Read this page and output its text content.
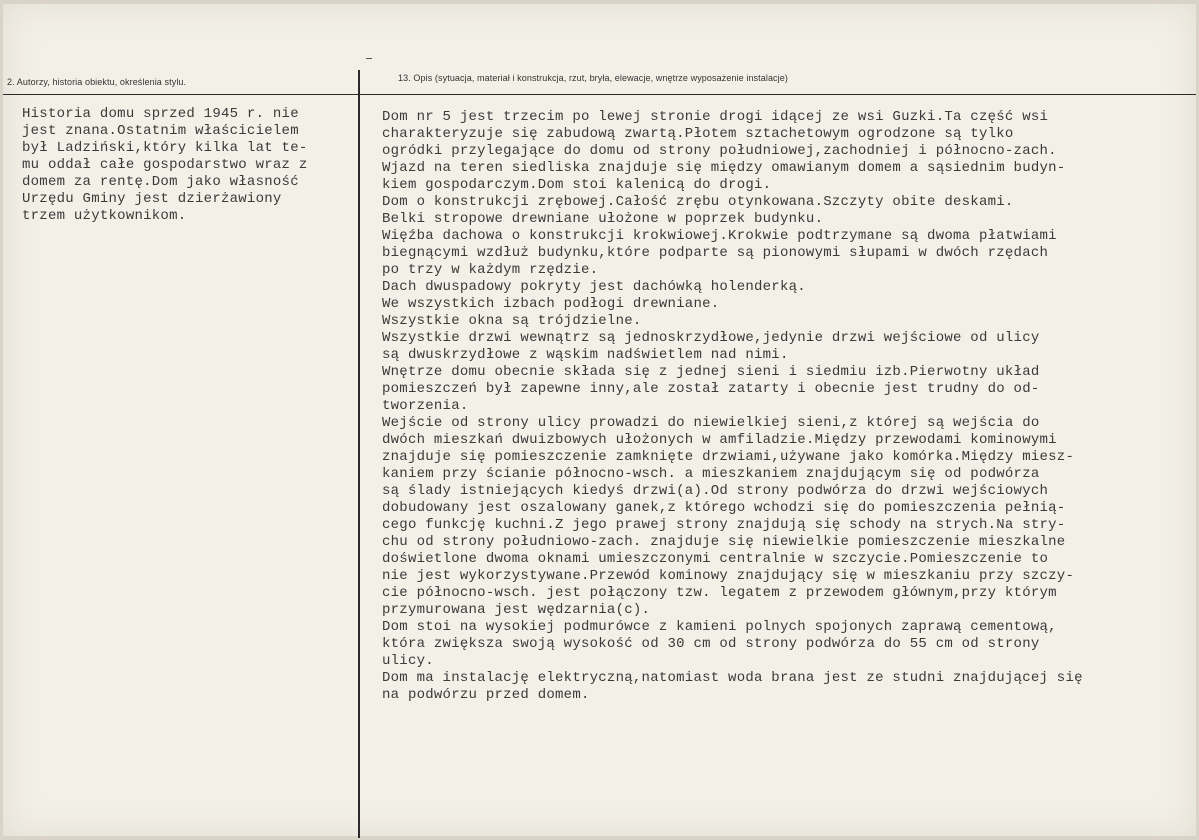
2. Autorzy, historia obiektu, określenia stylu.	13. Opis (sytuacja, materiał i konstrukcja, rzut, bryła, elewacje, wnętrze wyposażenie instalacje)
Historia domu sprzed 1945 r. nie
jest znana.Ostatnim właścicielem
był Ladziński,który kilka lat te-
mu oddał całe gospodarstwo wraz z
domem za rentę.Dom jako własność
Urzędu Gminy jest dzierżawiony
trzem użytkownikom.
Dom nr 5 jest trzecim po lewej stronie drogi idącej ze wsi Guzki.Ta część wsi
charakteryzuje się zabudową zwartą.Płotem sztachetowym ogrodzone są tylko
ogródki przylegające do domu od strony południowej,zachodniej i północno-zach.
Wjazd na teren siedliska znajduje się między omawianym domem a sąsiednim budyn-
kiem gospodarczym.Dom stoi kalenicą do drogi.
Dom o konstrukcji zrębowej.Całość zrębu otynkowana.Szczyty obite deskami.
Belki stropowe drewniane ułożone w poprzek budynku.
Więźba dachowa o konstrukcji krokwiowej.Krokwie podtrzymane są dwoma płatwiami
biegnącymi wzdłuż budynku,które podparte są pionowymi słupami w dwóch rzędach
po trzy w każdym rzędzie.
Dach dwuspadowy pokryty jest dachówką holenderką.
We wszystkich izbach podłogi drewniane.
Wszystkie okna są trójdzielne.
Wszystkie drzwi wewnątrz są jednoskrzydłowe,jedynie drzwi wejściowe od ulicy
są dwuskrzydłowe z wąskim nadświetlem nad nimi.
Wnętrze domu obecnie składa się z jednej sieni i siedmiu izb.Pierwotny układ
pomieszczeń był zapewne inny,ale został zatarty i obecnie jest trudny do od-
tworzenia.
Wejście od strony ulicy prowadzi do niewielkiej sieni,z której są wejścia do
dwóch mieszkań dwuizbowych ułożonych w amfiladzie.Między przewodami kominowymi
znajduje się pomieszczenie zamknięte drzwiami,używane jako komórka.Między miesz-
kaniem przy ścianie północno-wsch. a mieszkaniem znajdującym się od podwórza
są ślady istniejących kiedyś drzwi(a).Od strony podwórza do drzwi wejściowych
dobudowany jest oszalowany ganek,z którego wchodzi się do pomieszczenia pełnią-
cego funkcję kuchni.Z jego prawej strony znajdują się schody na strych.Na stry-
chu od strony południowo-zach. znajduje się niewielkie pomieszczenie mieszkalne
doświetlone dwoma oknami umieszczonymi centralnie w szczycie.Pomieszczenie to
nie jest wykorzystywane.Przewód kominowy znajdujący się w mieszkaniu przy szczy-
cie północno-wsch. jest połączony tzw. legatem z przewodem głównym,przy którym
przymurowana jest wędzarnia(c).
Dom stoi na wysokiej podmurówce z kamieni polnych spojonych zaprawą cementową,
która zwiększa swoją wysokość od 30 cm od strony podwórza do 55 cm od strony
ulicy.
Dom ma instalację elektryczną,natomiast woda brana jest ze studni znajdującej się
na podwórzu przed domem.
